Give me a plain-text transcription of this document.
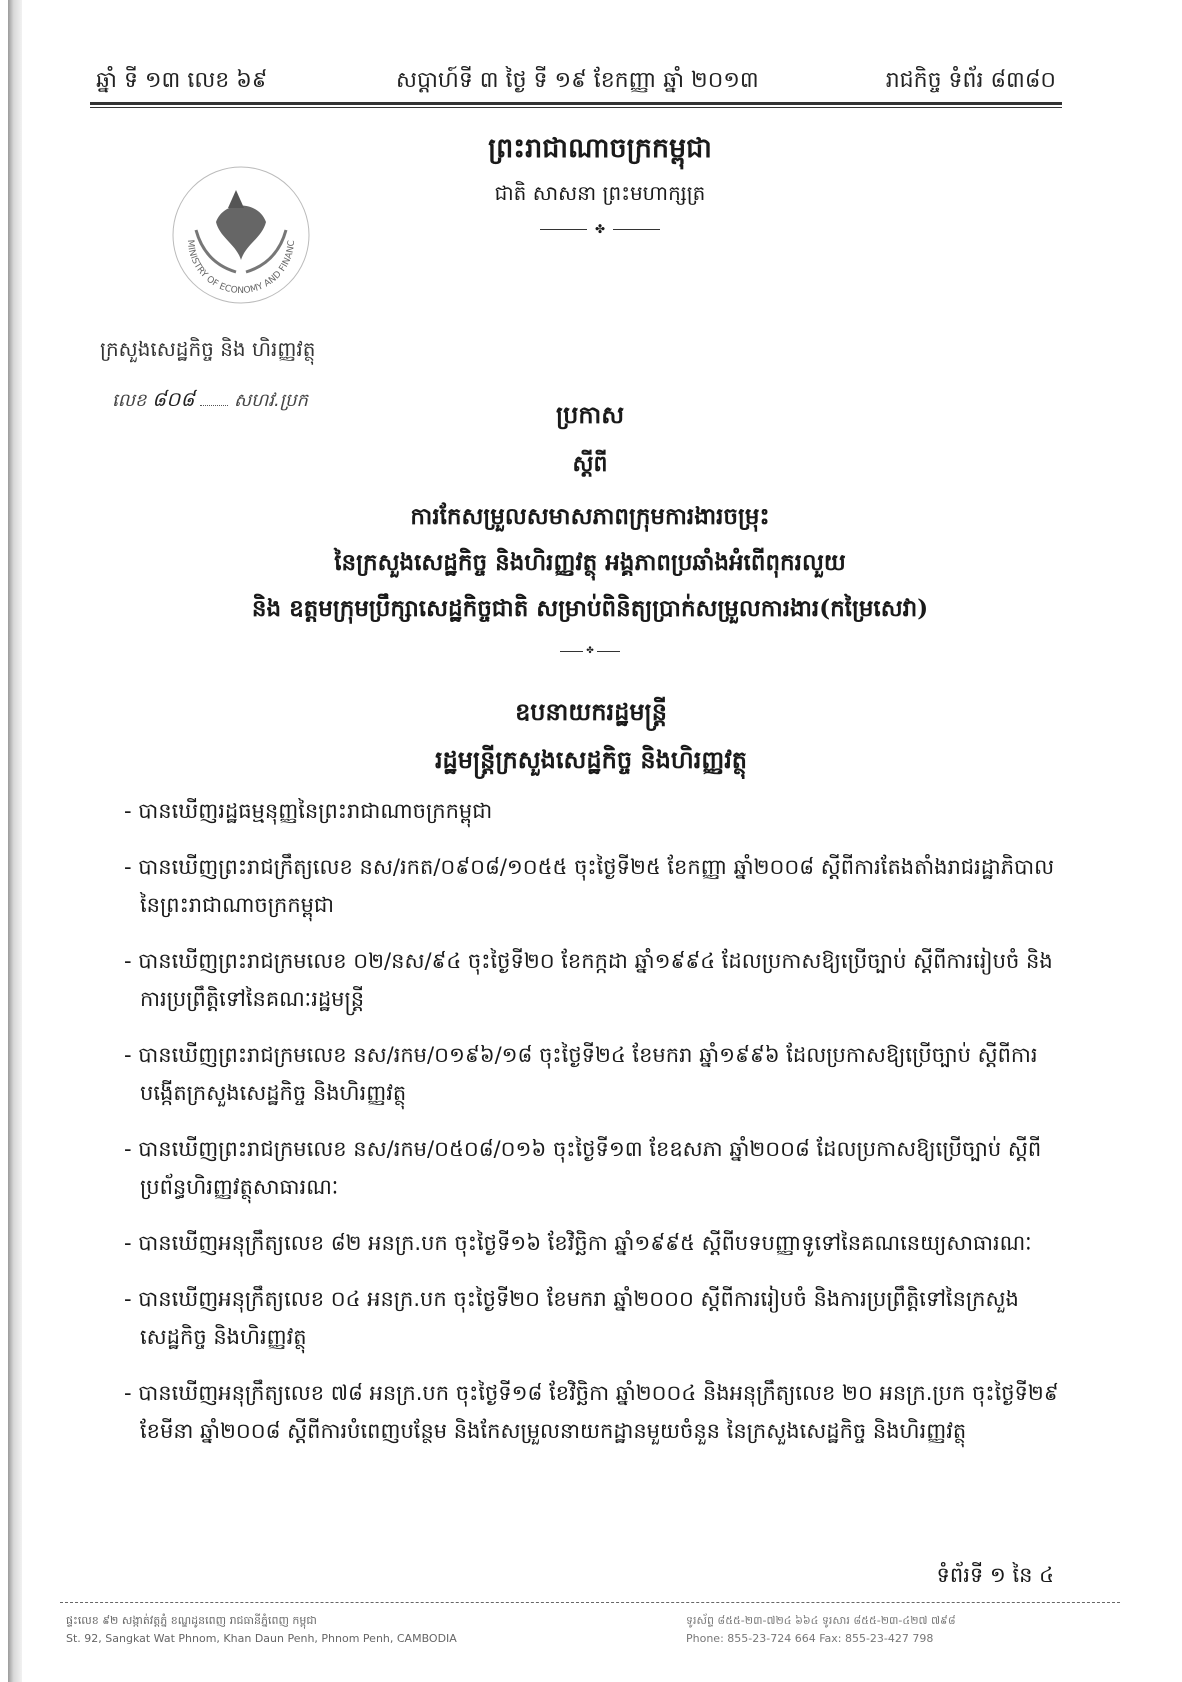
ឆ្នាំ ទី ១៣ លេខ ៦៩	សប្តាហ៍ទី ៣ ថ្ងៃ ទី ១៩ ខែកញ្ញា ឆ្នាំ ២០១៣	រាជកិច្ច ទំព័រ ៨៣៨០
ព្រះរាជាណាចក្រកម្ពុជា
ជាតិ សាសនា ព្រះមហាក្សត្រ
✤
MINISTRY OF ECONOMY AND FINANC
ក្រសួងសេដ្ឋកិច្ច និង ហិរញ្ញវត្ថុ
លេខ ៨០៨ សហវ.ប្រក
ប្រកាស
ស្តីពី
ការកែសម្រួលសមាសភាពក្រុមការងារចម្រុះ
នៃក្រសួងសេដ្ឋកិច្ច និងហិរញ្ញវត្ថុ អង្គភាពប្រឆាំងអំពើពុករលួយ
និង ឧត្តមក្រុមប្រឹក្សាសេដ្ឋកិច្ចជាតិ សម្រាប់ពិនិត្យប្រាក់សម្រួលការងារ(កម្រៃសេវា)
✤
ឧបនាយករដ្ឋមន្ត្រី
រដ្ឋមន្ត្រីក្រសួងសេដ្ឋកិច្ច និងហិរញ្ញវត្ថុ
- បានឃើញរដ្ឋធម្មនុញ្ញនៃព្រះរាជាណាចក្រកម្ពុជា
- បានឃើញព្រះរាជក្រឹត្យលេខ នស/រកត/០៩០៨/១០៥៥ ចុះថ្ងៃទី២៥ ខែកញ្ញា ឆ្នាំ២០០៨ ស្តីពីការតែងតាំងរាជរដ្ឋាភិបាលនៃព្រះរាជាណាចក្រកម្ពុជា
- បានឃើញព្រះរាជក្រមលេខ ០២/នស/៩៤ ចុះថ្ងៃទី២០ ខែកក្កដា ឆ្នាំ១៩៩៤ ដែលប្រកាសឱ្យប្រើច្បាប់ ស្តីពីការរៀបចំ និងការប្រព្រឹត្តិទៅនៃគណៈរដ្ឋមន្ត្រី
- បានឃើញព្រះរាជក្រមលេខ នស/រកម/០១៩៦/១៨ ចុះថ្ងៃទី២៤ ខែមករា ឆ្នាំ១៩៩៦ ដែលប្រកាសឱ្យប្រើច្បាប់ ស្តីពីការបង្កើតក្រសួងសេដ្ឋកិច្ច និងហិរញ្ញវត្ថុ
- បានឃើញព្រះរាជក្រមលេខ នស/រកម/០៥០៨/០១៦ ចុះថ្ងៃទី១៣ ខែឧសភា ឆ្នាំ២០០៨ ដែលប្រកាសឱ្យប្រើច្បាប់ ស្តីពីប្រព័ន្ធហិរញ្ញវត្ថុសាធារណៈ
- បានឃើញអនុក្រឹត្យលេខ ៨២ អនក្រ.បក ចុះថ្ងៃទី១៦ ខែវិច្ឆិកា ឆ្នាំ១៩៩៥ ស្តីពីបទបញ្ញាទូទៅនៃគណនេយ្យសាធារណៈ
- បានឃើញអនុក្រឹត្យលេខ ០៤ អនក្រ.បក ចុះថ្ងៃទី២០ ខែមករា ឆ្នាំ២០០០ ស្តីពីការរៀបចំ និងការប្រព្រឹត្តិទៅនៃក្រសួងសេដ្ឋកិច្ច និងហិរញ្ញវត្ថុ
- បានឃើញអនុក្រឹត្យលេខ ៧៨ អនក្រ.បក ចុះថ្ងៃទី១៨ ខែវិច្ឆិកា ឆ្នាំ២០០៤ និងអនុក្រឹត្យលេខ ២០ អនក្រ.ប្រក ចុះថ្ងៃទី២៩ ខែមីនា ឆ្នាំ២០០៨ ស្តីពីការបំពេញបន្ថែម និងកែសម្រួលនាយកដ្ឋានមួយចំនួន នៃក្រសួងសេដ្ឋកិច្ច និងហិរញ្ញវត្ថុ
ទំព័រទី ១ នៃ ៤
ផ្ទះលេខ ៩២ សង្កាត់វត្តភ្នំ ខណ្ឌដូនពេញ រាជធានីភ្នំពេញ កម្ពុជា
St. 92, Sangkat Wat Phnom, Khan Daun Penh, Phnom Penh, CAMBODIA
ទូរស័ព្ទ ៨៥៥-២៣-៧២៤ ៦៦៤ ទូរសារ ៨៥៥-២៣-៤២៧ ៧៩៨
Phone: 855-23-724 664 Fax: 855-23-427 798
